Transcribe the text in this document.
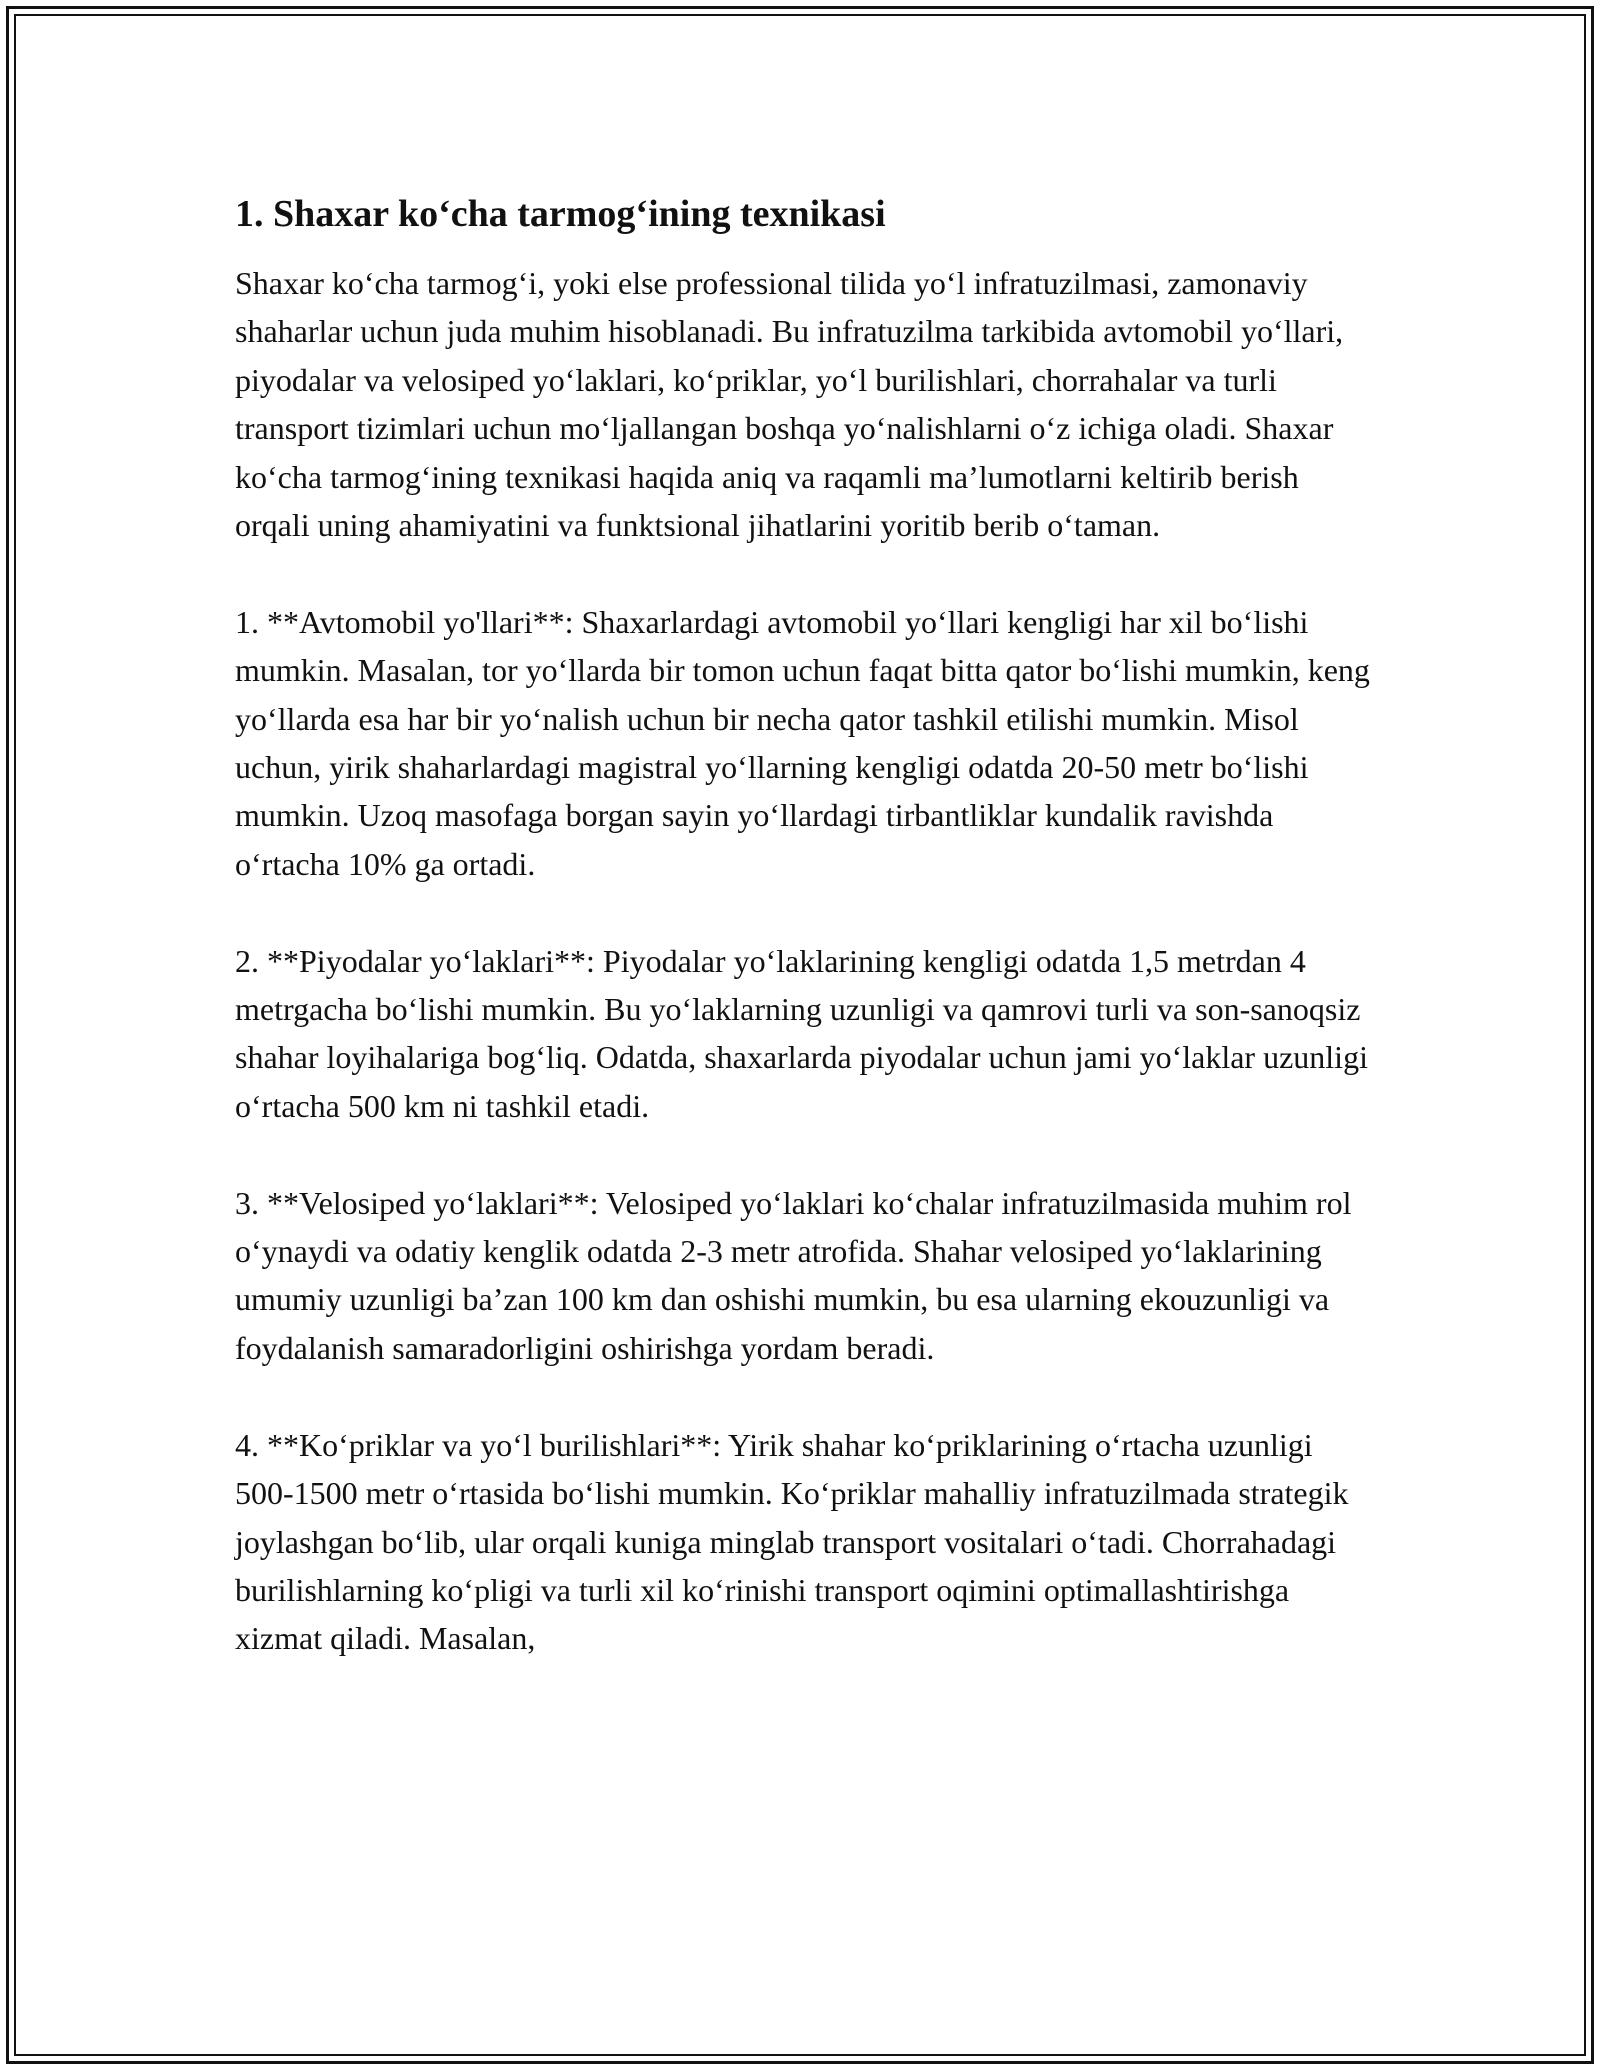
1. Shaxar ko‘cha tarmog‘ining texnikasi

Shaxar ko‘cha tarmog‘i, yoki else professional tilida yo‘l infratuzilmasi, zamonaviy shaharlar uchun juda muhim hisoblanadi. Bu infratuzilma tarkibida avtomobil yo‘llari, piyodalar va velosiped yo‘laklari, ko‘priklar, yo‘l burilishlari, chorrahalar va turli transport tizimlari uchun mo‘ljallangan boshqa yo‘nalishlarni o‘z ichiga oladi. Shaxar ko‘cha tarmog‘ining texnikasi haqida aniq va raqamli ma’lumotlarni keltirib berish orqali uning ahamiyatini va funktsional jihatlarini yoritib berib o‘taman.

1. **Avtomobil yo'llari**: Shaxarlardagi avtomobil yo‘llari kengligi har xil bo‘lishi mumkin. Masalan, tor yo‘llarda bir tomon uchun faqat bitta qator bo‘lishi mumkin, keng yo‘llarda esa har bir yo‘nalish uchun bir necha qator tashkil etilishi mumkin. Misol uchun, yirik shaharlardagi magistral yo‘llarning kengligi odatda 20-50 metr bo‘lishi mumkin. Uzoq masofaga borgan sayin yo‘llardagi tirbantliklar kundalik ravishda o‘rtacha 10% ga ortadi.

2. **Piyodalar yo‘laklari**: Piyodalar yo‘laklarining kengligi odatda 1,5 metrdan 4 metrgacha bo‘lishi mumkin. Bu yo‘laklarning uzunligi va qamrovi turli va son-sanoqsiz shahar loyihalariga bog‘liq. Odatda, shaxarlarda piyodalar uchun jami yo‘laklar uzunligi o‘rtacha 500 km ni tashkil etadi.

3. **Velosiped yo‘laklari**: Velosiped yo‘laklari ko‘chalar infratuzilmasida muhim rol o‘ynaydi va odatiy kenglik odatda 2-3 metr atrofida. Shahar velosiped yo‘laklarining umumiy uzunligi ba’zan 100 km dan oshishi mumkin, bu esa ularning ekouzunligi va foydalanish samaradorligini oshirishga yordam beradi.

4. **Ko‘priklar va yo‘l burilishlari**: Yirik shahar ko‘priklarining o‘rtacha uzunligi 500-1500 metr o‘rtasida bo‘lishi mumkin. Ko‘priklar mahalliy infratuzilmada strategik joylashgan bo‘lib, ular orqali kuniga minglab transport vositalari o‘tadi. Chorrahadagi burilishlarning ko‘pligi va turli xil ko‘rinishi transport oqimini optimallashtirishga xizmat qiladi. Masalan,
